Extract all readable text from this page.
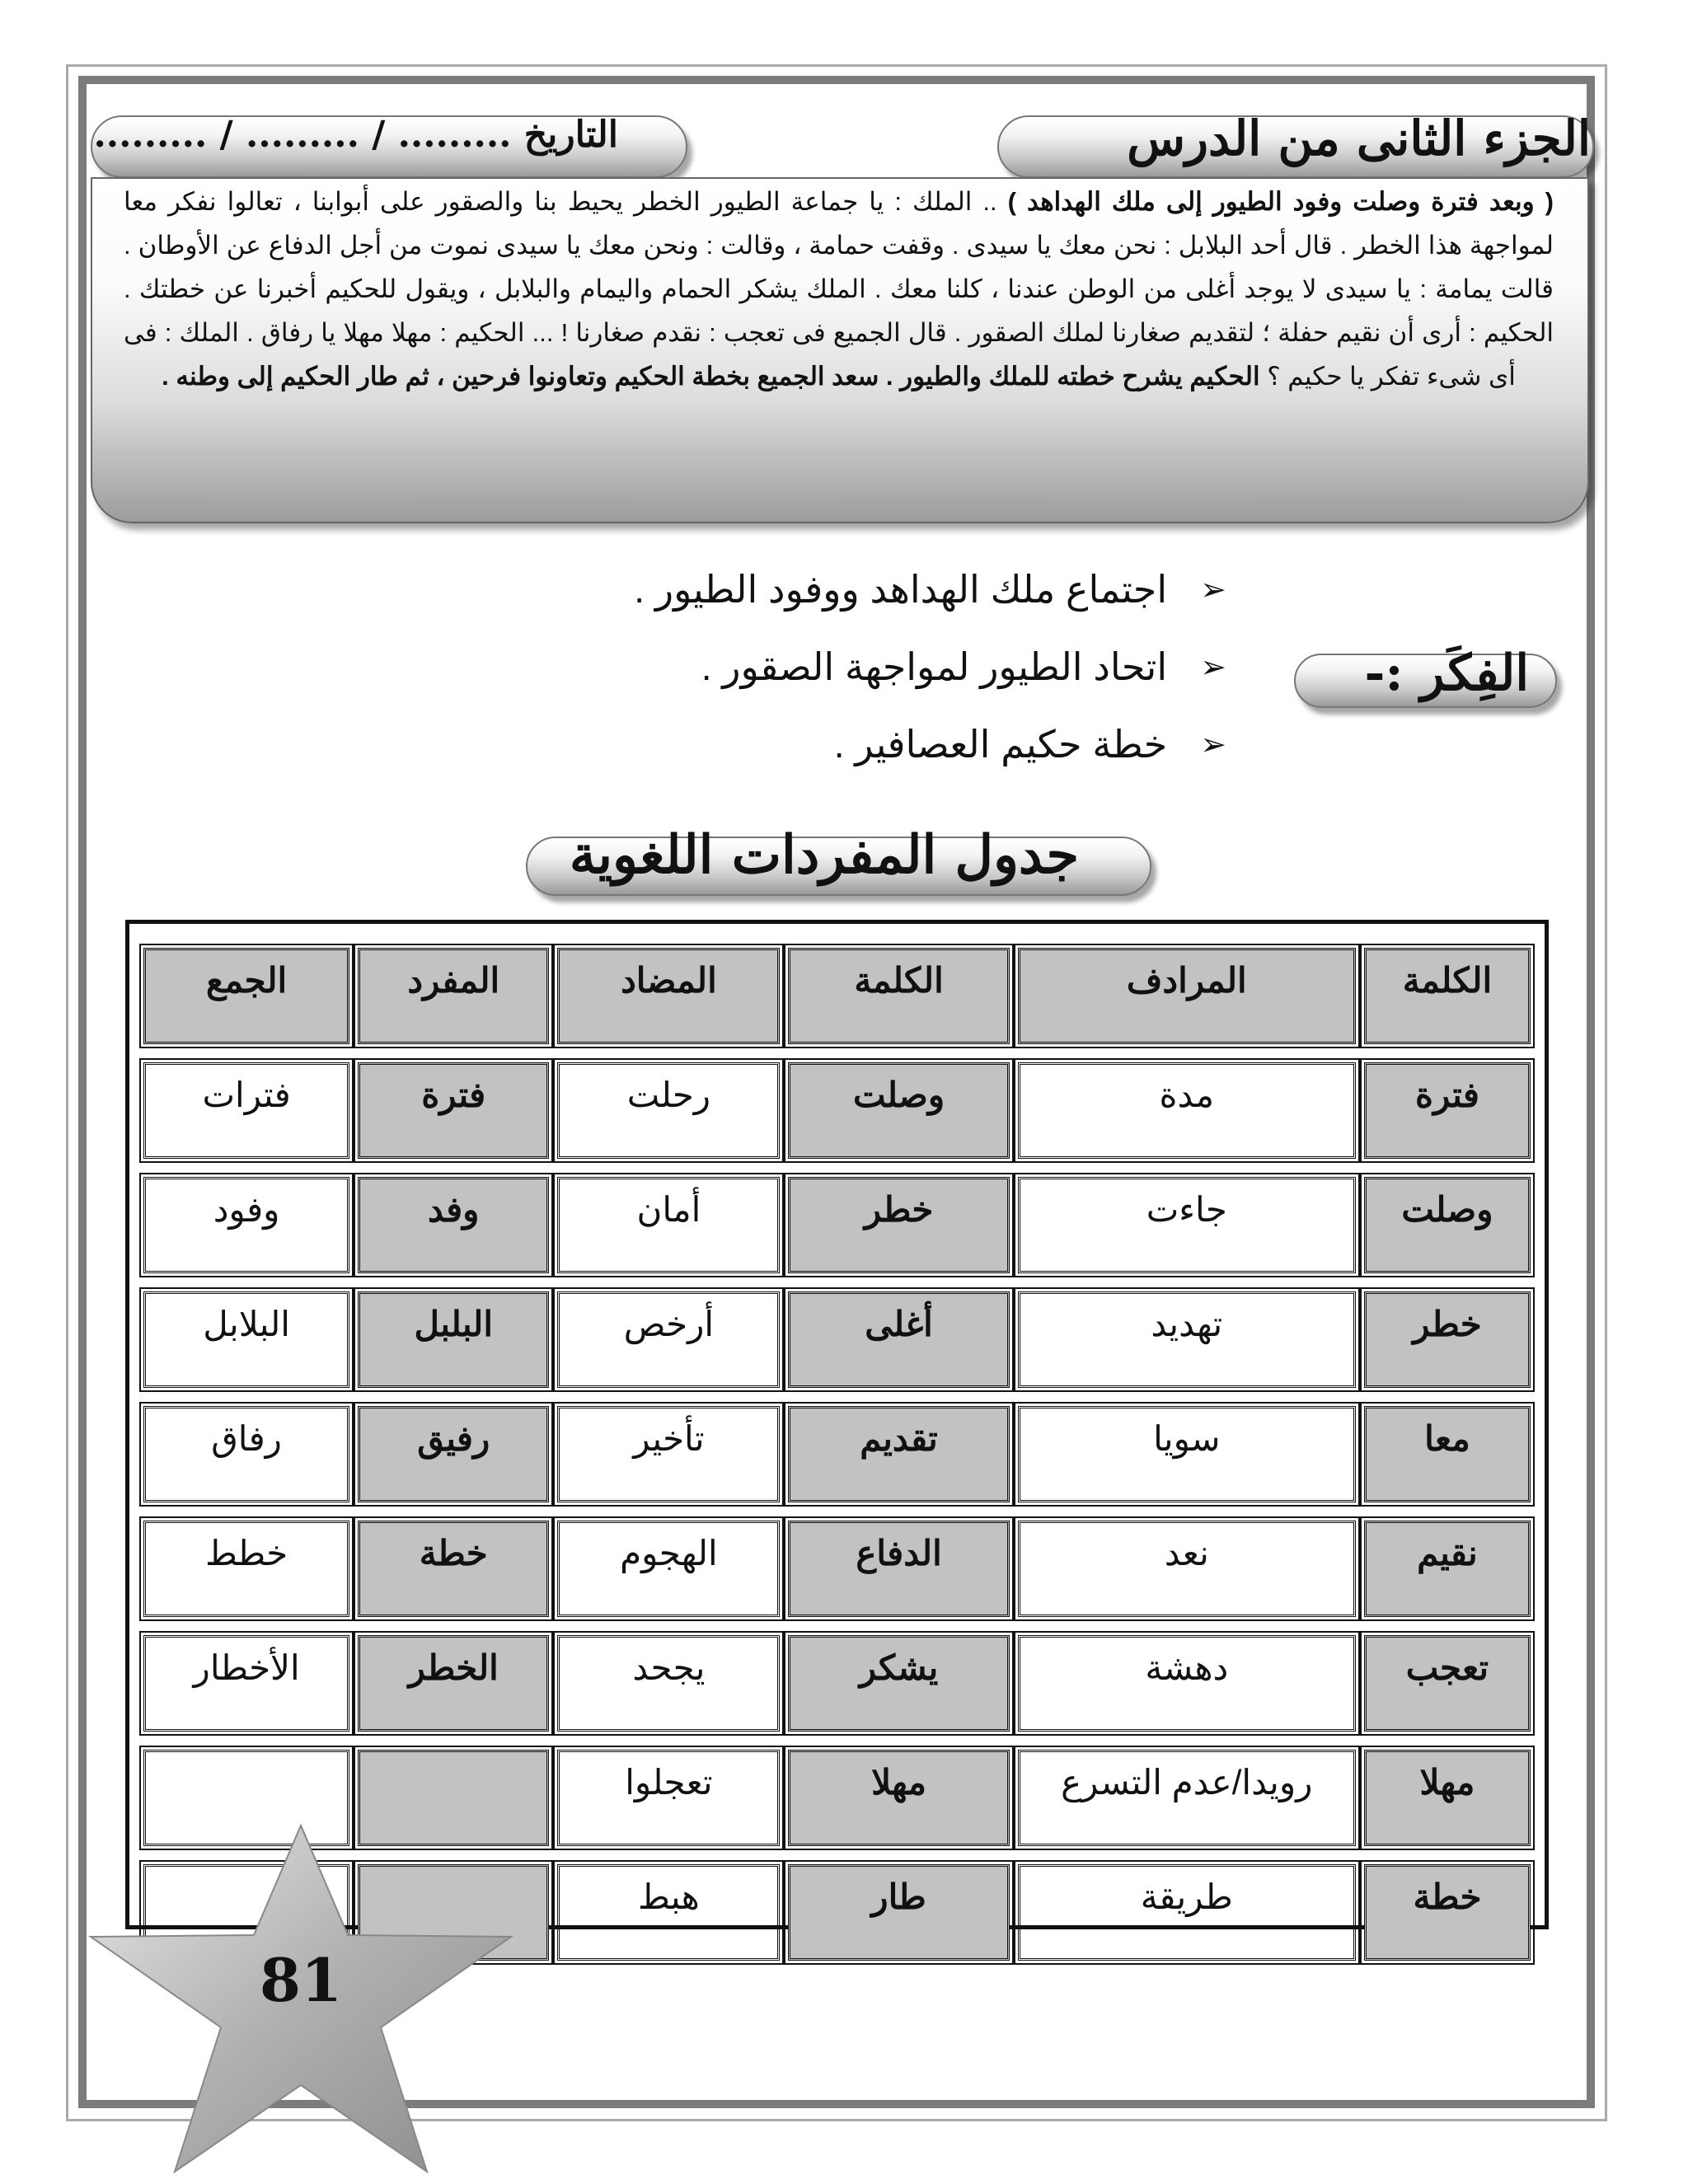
الجزء الثانى من الدرس
التاريخ ......... / ......... / .........
( وبعد فترة وصلت وفود الطيور إلى ملك الهداهد ) .. الملك : يا جماعة الطيور الخطر يحيط بنا والصقور على أبوابنا ، تعالوا نفكر معا لمواجهة هذا الخطر . قال أحد البلابل : نحن معك يا سيدى . وقفت حمامة ، وقالت : ونحن معك يا سيدى نموت من أجل الدفاع عن الأوطان . قالت يمامة : يا سيدى لا يوجد أغلى من الوطن عندنا ، كلنا معك . الملك يشكر الحمام واليمام والبلابل ، ويقول للحكيم أخبرنا عن خطتك . الحكيم : أرى أن نقيم حفلة ؛ لتقديم صغارنا لملك الصقور . قال الجميع فى تعجب : نقدم صغارنا ! ... الحكيم : مهلا مهلا يا رفاق . الملك : فى أى شىء تفكر يا حكيم ؟ الحكيم يشرح خطته للملك والطيور . سعد الجميع بخطة الحكيم وتعاونوا فرحين ، ثم طار الحكيم إلى وطنه .
الفِكَر :-
➢
اجتماع ملك الهداهد ووفود الطيور .
➢
اتحاد الطيور لمواجهة الصقور .
➢
خطة حكيم العصافير .
جدول المفردات اللغوية
الكلمة	المرادف	الكلمة	المضاد	المفرد	الجمع
فترة	مدة	وصلت	رحلت	فترة	فترات
وصلت	جاءت	خطر	أمان	وفد	وفود
خطر	تهديد	أغلى	أرخص	البلبل	البلابل
معا	سويا	تقديم	تأخير	رفيق	رفاق
نقيم	نعد	الدفاع	الهجوم	خطة	خطط
تعجب	دهشة	يشكر	يجحد	الخطر	الأخطار
مهلا	رويدا/عدم التسرع	مهلا	تعجلوا		
خطة	طريقة	طار	هبط		
81
